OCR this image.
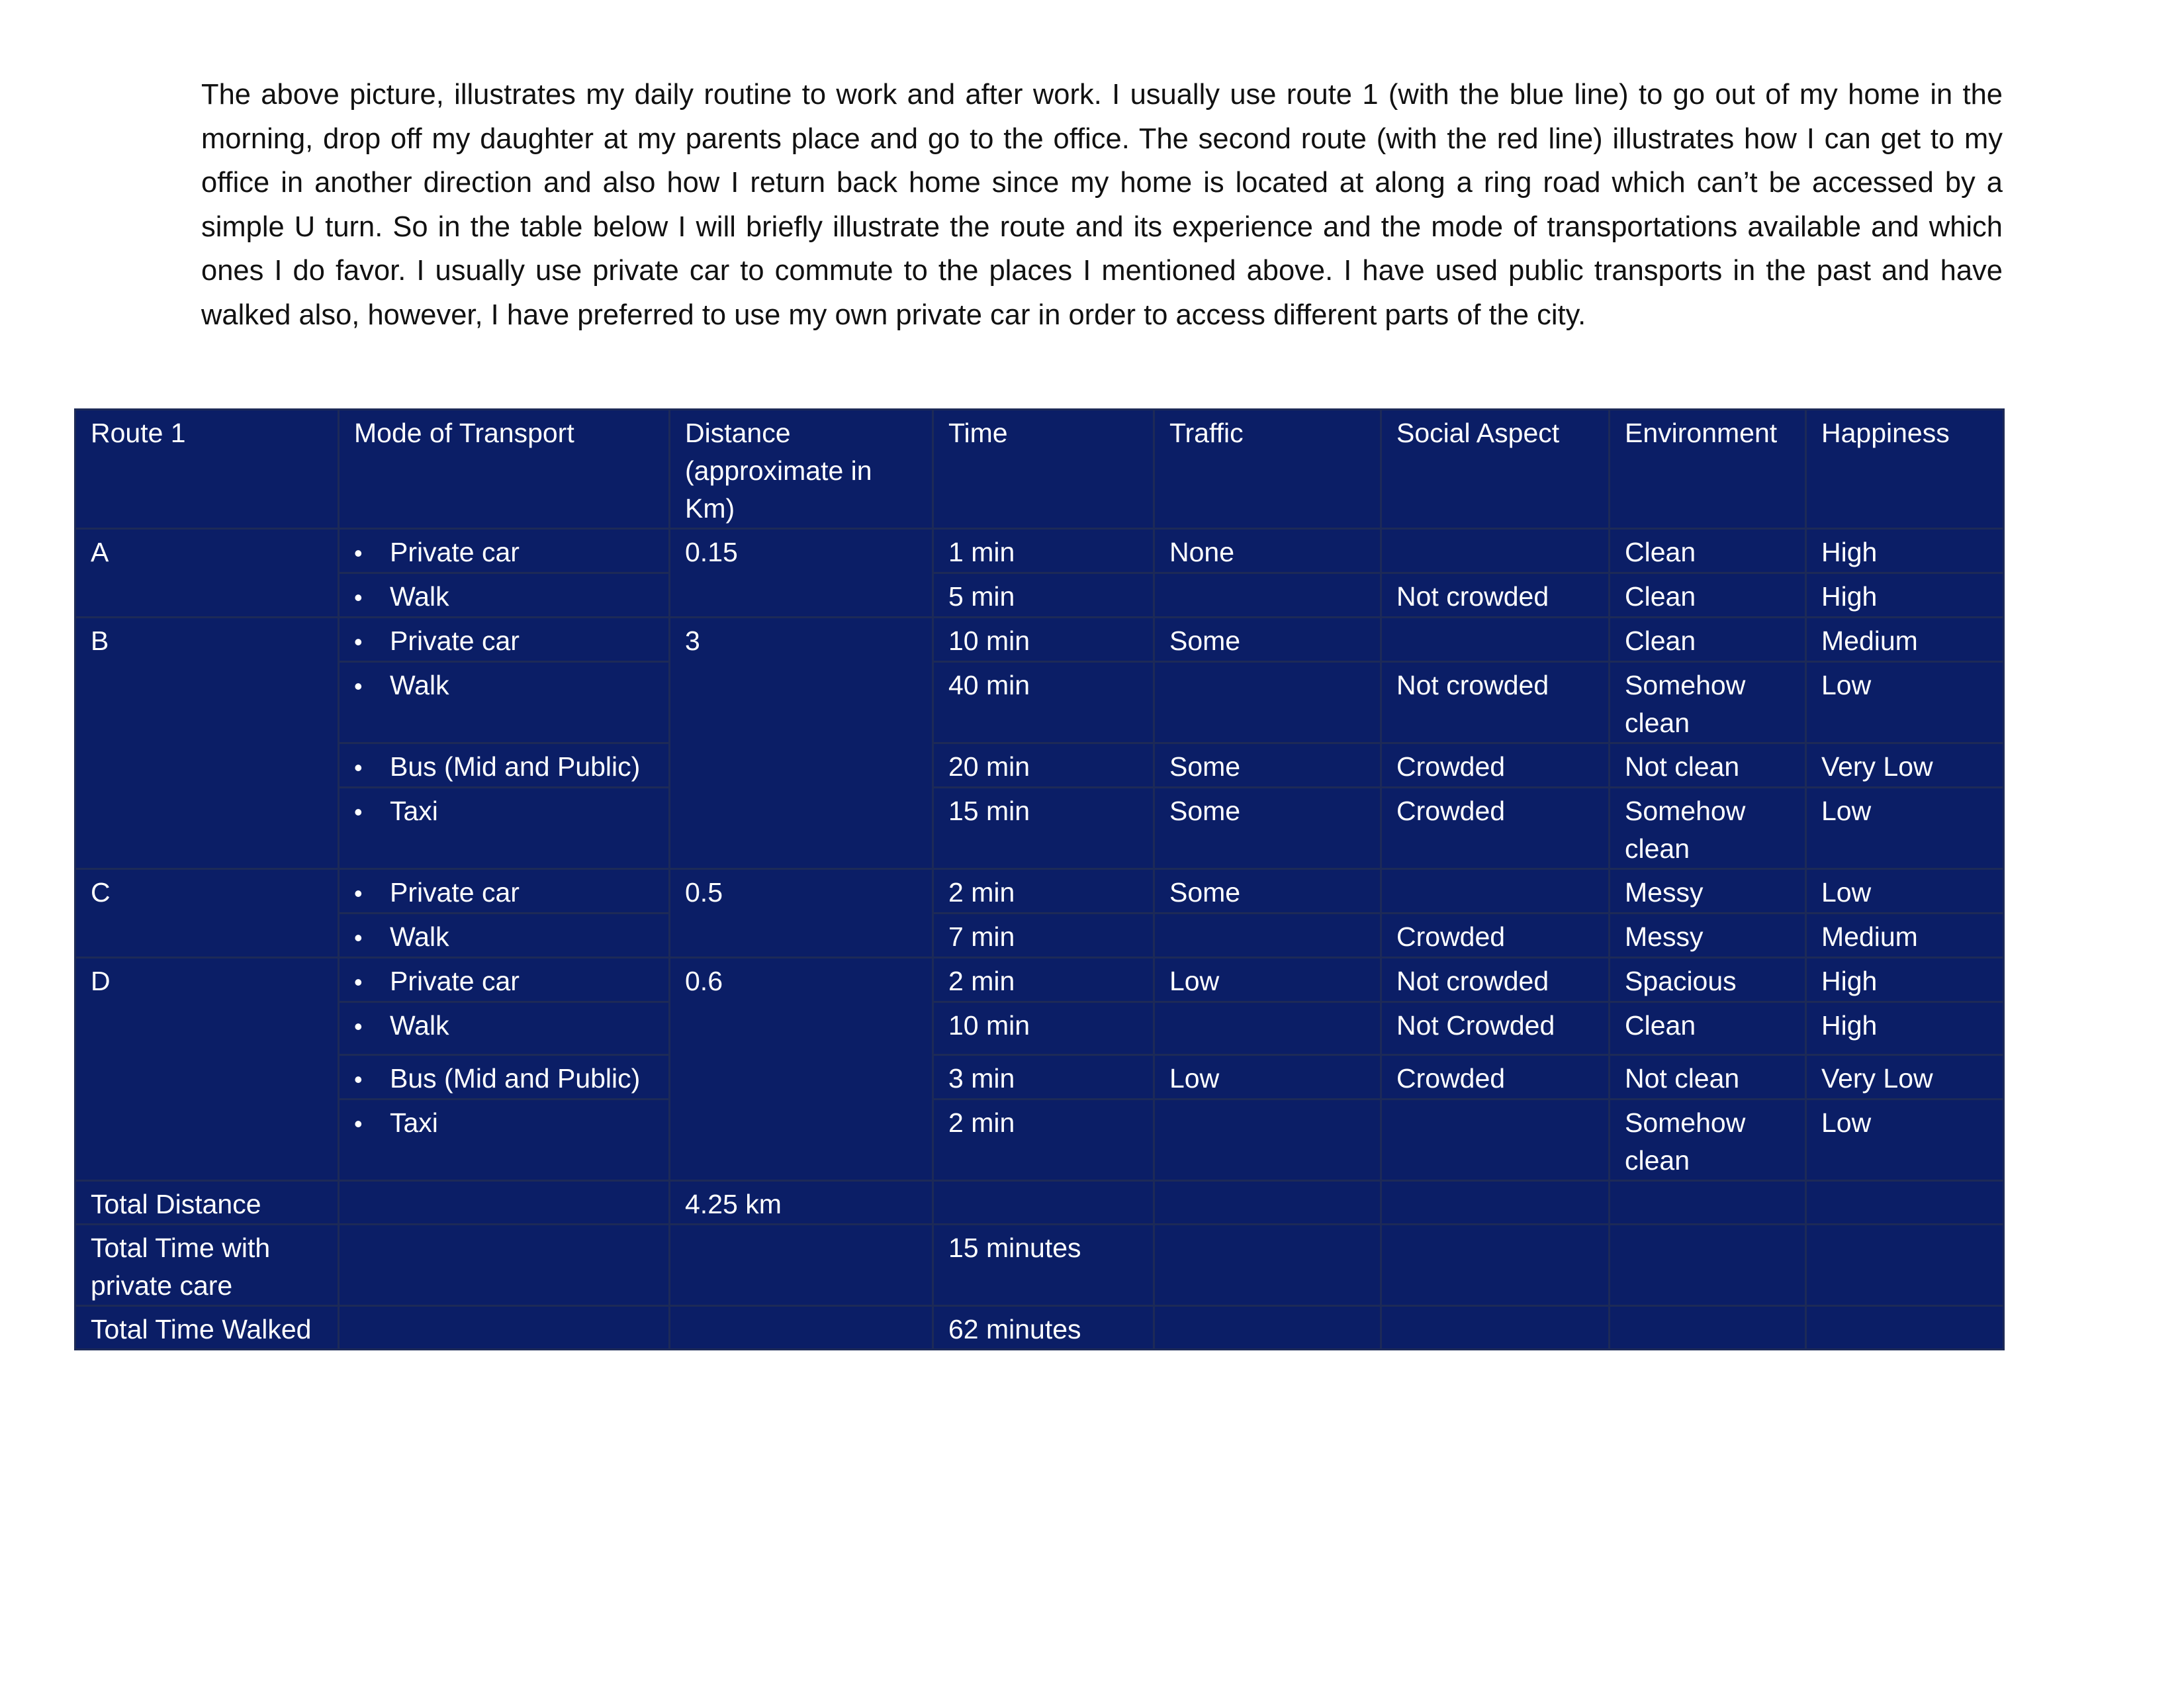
The above picture, illustrates my daily routine to work and after work. I usually use route 1 (with the blue line) to go out of my home in the morning, drop off my daughter at my parents place and go to the office. The second route (with the red line) illustrates how I can get to my office in another direction and also how I return back home since my home is located at along a ring road which can’t be accessed by a simple U turn. So in the table below I will briefly illustrate the route and its experience and the mode of transportations available and which ones I do favor. I usually use private car to commute to the places I mentioned above. I have used public transports in the past and have walked also, however, I have preferred to use my own private car in order to access different parts of the city.

Route 1	Mode of Transport	Distance (approximate in Km)	Time	Traffic	Social Aspect	Environment	Happiness
A	• Private car	0.15	1 min	None		Clean	High

	• Walk		5 min		Not crowded	Clean	High
B	• Private car	3	10 min	Some		Clean	Medium

	• Walk		40 min		Not crowded	Somehow clean	Low

	• Bus (Mid and Public)		20 min	Some	Crowded	Not clean	Very Low

	• Taxi		15 min	Some	Crowded	Somehow clean	Low
C	• Private car	0.5	2 min	Some		Messy	Low

	• Walk		7 min		Crowded	Messy	Medium
D	• Private car	0.6	2 min	Low	Not crowded	Spacious	High

	• Walk		10 min		Not Crowded	Clean	High

	• Bus (Mid and Public)		3 min	Low	Crowded	Not clean	Very Low

	• Taxi		2 min			Somehow clean	Low
Total Distance		4.25 km					
Total Time with private care			15 minutes				
Total Time Walked			62 minutes				
